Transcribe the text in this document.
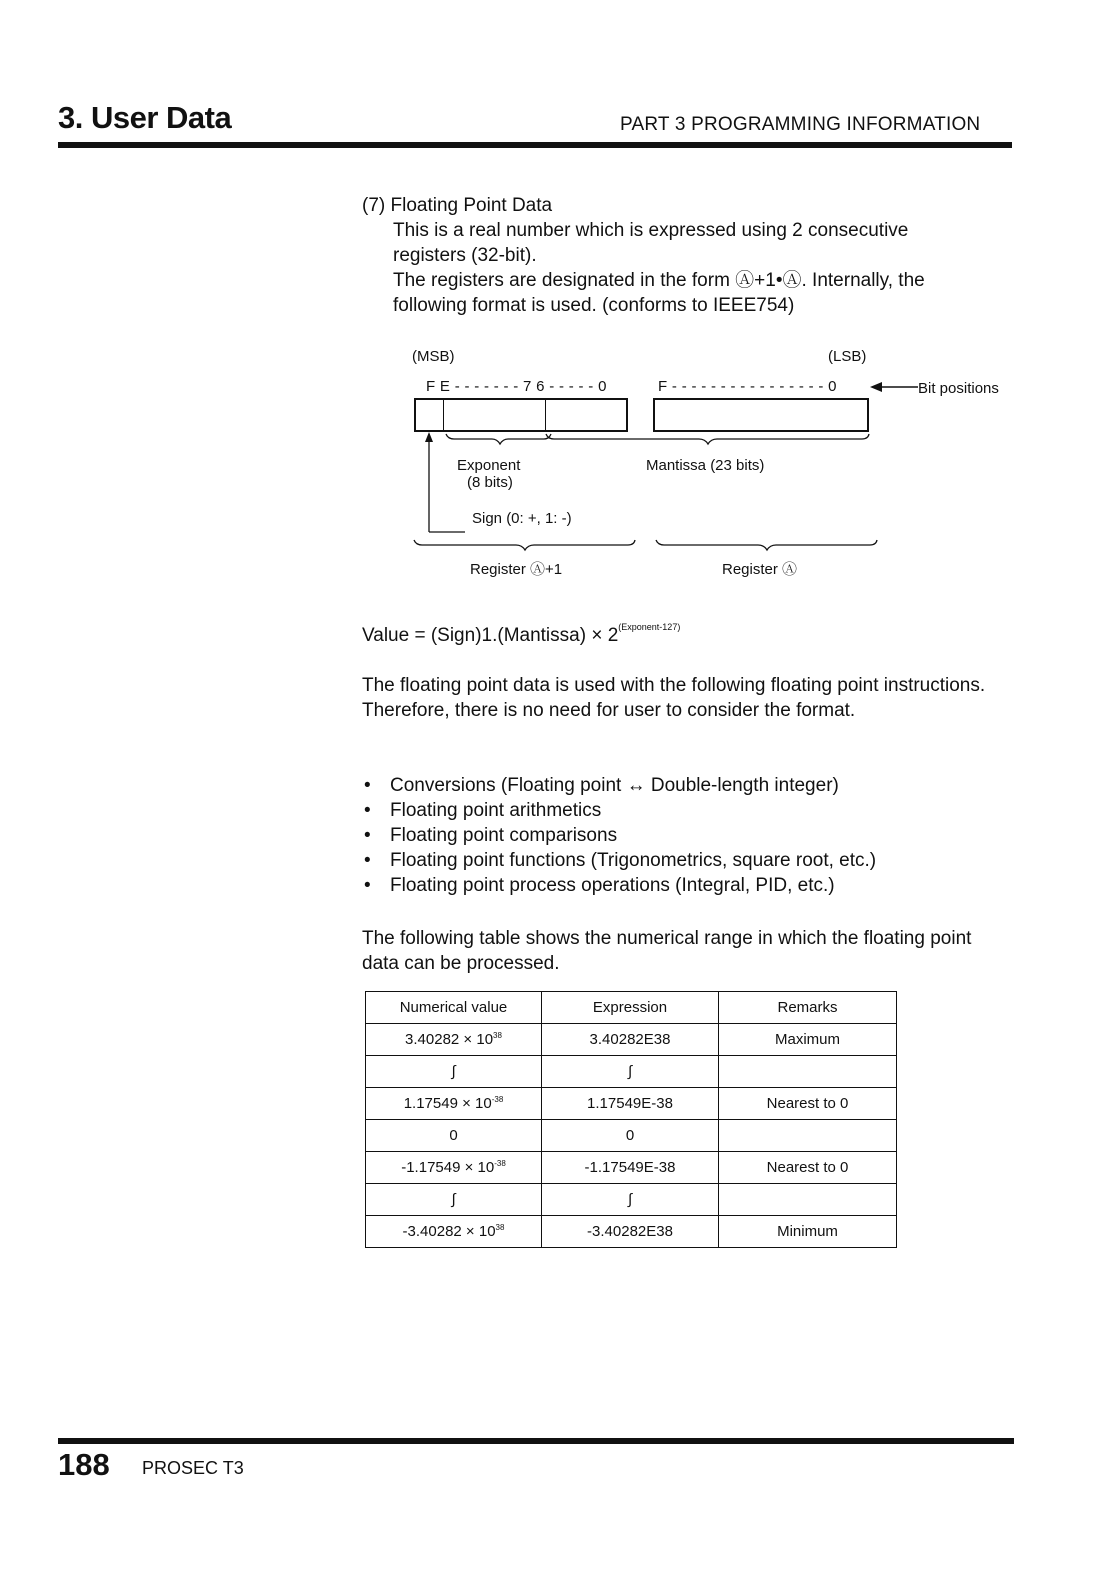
3. User Data	PART 3 PROGRAMMING INFORMATION
(7) Floating Point Data
This is a real number which is expressed using 2 consecutive
registers (32-bit).
The registers are designated in the form Ⓐ+1•Ⓐ. Internally, the
following format is used. (conforms to IEEE754)
(MSB)	(LSB)
F E - - - - - - - 7 6 - - - - - 0	F - - - - - - - - - - - - - - - - 0	Bit positions
Exponent
(8 bits)
Mantissa (23 bits)
Sign (0: +, 1: -)
Register Ⓐ+1	Register Ⓐ
Value = (Sign)1.(Mantissa) × $2^{(Exponent-127)}$
The floating point data is used with the following floating point instructions. Therefore, there is no need for user to consider the format.
• Conversions (Floating point ↔ Double-length integer)
• Floating point arithmetics
• Floating point comparisons
• Floating point functions (Trigonometrics, square root, etc.)
• Floating point process operations (Integral, PID, etc.)
The following table shows the numerical range in which the floating point data can be processed.
Numerical value	Expression	Remarks
$3.40282 \times 10^{38}$	3.40282E38	Maximum
∫	∫	
$1.17549 \times 10^{-38}$	1.17549E-38	Nearest to 0
0	0	
$-1.17549 \times 10^{-38}$	-1.17549E-38	Nearest to 0
∫	∫	
$-3.40282 \times 10^{38}$	-3.40282E38	Minimum
188 PROSEC T3
